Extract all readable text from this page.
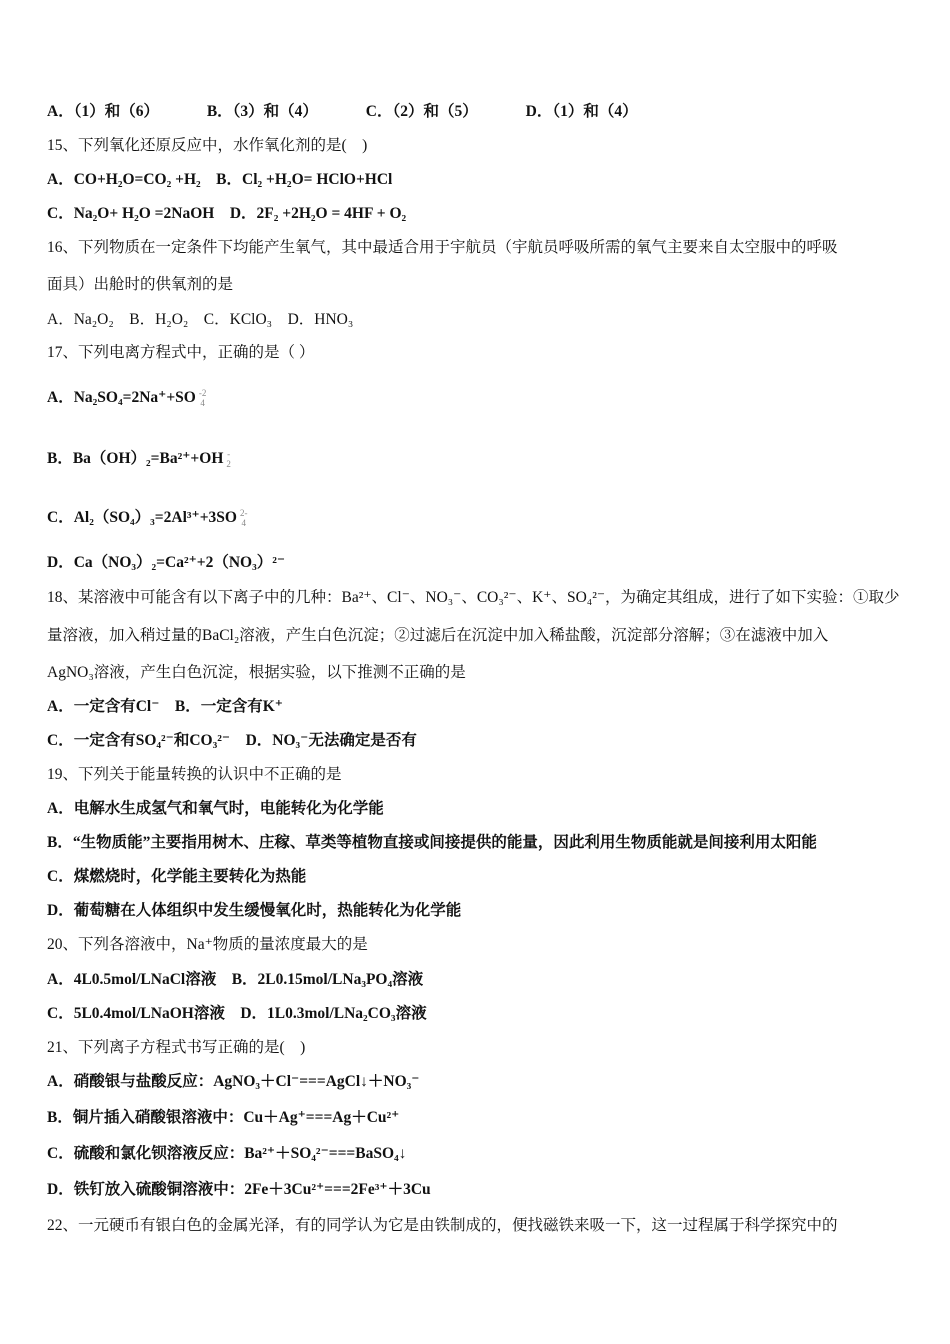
A．（1）和（6）	B．（3）和（4）	C．（2）和（5）	D．（1）和（4）
15、下列氧化还原反应中，水作氧化剂的是(　)
A．CO+H₂O=CO₂ +H₂　B．Cl₂ +H₂O= HClO+HCl
C．Na₂O+ H₂O =2NaOH　D．2F₂ +2H₂O = 4HF + O₂
16、下列物质在一定条件下均能产生氧气，其中最适合用于宇航员（宇航员呼吸所需的氧气主要来自太空服中的呼吸
面具）出舱时的供氧剂的是
A．Na₂O₂　B．H₂O₂　C．KClO₃　D．HNO₃
17、下列电离方程式中，正确的是（ ）
A．Na₂SO₄=2Na⁺+SO -2
4
B．Ba（OH）₂=Ba²⁺+OH -
2
C．Al₂（SO₄）₃=2Al³⁺+3SO 2-
4
D．Ca（NO₃）₂=Ca²⁺+2（NO₃）²⁻
18、某溶液中可能含有以下离子中的几种：Ba²⁺、Cl⁻、NO₃⁻、CO₃²⁻、K⁺、SO₄²⁻，为确定其组成，进行了如下实验：①取少
量溶液，加入稍过量的BaCl₂溶液，产生白色沉淀；②过滤后在沉淀中加入稀盐酸，沉淀部分溶解；③在滤液中加入
AgNO₃溶液，产生白色沉淀，根据实验，以下推测不正确的是
A．一定含有Cl⁻　B．一定含有K⁺
C．一定含有SO₄²⁻和CO₃²⁻　D．NO₃⁻无法确定是否有
19、下列关于能量转换的认识中不正确的是
A．电解水生成氢气和氧气时，电能转化为化学能
B．“生物质能”主要指用树木、庄稼、草类等植物直接或间接提供的能量，因此利用生物质能就是间接利用太阳能
C．煤燃烧时，化学能主要转化为热能
D．葡萄糖在人体组织中发生缓慢氧化时，热能转化为化学能
20、下列各溶液中，Na⁺物质的量浓度最大的是
A．4L0.5mol/LNaCl溶液　B．2L0.15mol/LNa₃PO₄溶液
C．5L0.4mol/LNaOH溶液　D．1L0.3mol/LNa₂CO₃溶液
21、下列离子方程式书写正确的是(　)
A．硝酸银与盐酸反应：AgNO₃＋Cl⁻===AgCl↓＋NO₃⁻
B．铜片插入硝酸银溶液中：Cu＋Ag⁺===Ag＋Cu²⁺
C．硫酸和氯化钡溶液反应：Ba²⁺＋SO₄²⁻===BaSO₄↓
D．铁钉放入硫酸铜溶液中：2Fe＋3Cu²⁺===2Fe³⁺＋3Cu
22、一元硬币有银白色的金属光泽，有的同学认为它是由铁制成的，便找磁铁来吸一下，这一过程属于科学探究中的
